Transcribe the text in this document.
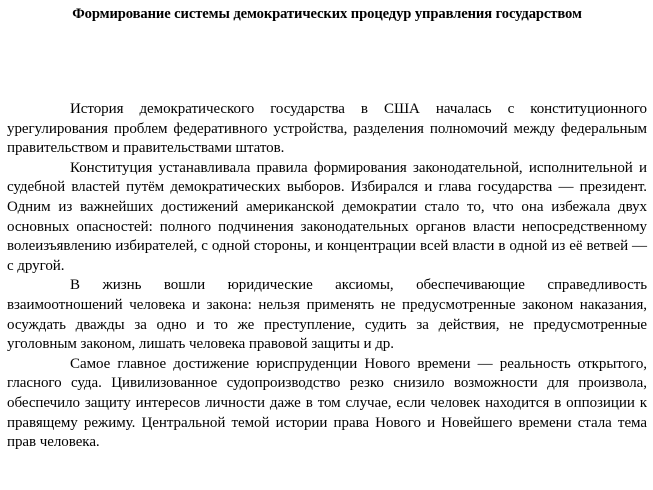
Формирование системы демократических процедур управления государством

История демократического государства в США началась с конституционного урегулирования проблем федеративного устройства, разделения полномочий между федеральным правительством и правительствами штатов.

Конституция устанавливала правила формирования законодательной, исполнительной и судебной властей путём демократических выборов. Избирался и глава государства — президент. Одним из важнейших достижений американской демократии стало то, что она избежала двух основных опасностей: полного подчинения законодательных органов власти непосредственному волеизъявлению избирателей, с одной стороны, и концентрации всей власти в одной из её ветвей — с другой.

В жизнь вошли юридические аксиомы, обеспечивающие справедливость взаимоотношений человека и закона: нельзя применять не предусмотренные законом наказания, осуждать дважды за одно и то же преступление, судить за действия, не предусмотренные уголовным законом, лишать человека правовой защиты и др.

Самое главное достижение юриспруденции Нового времени — реальность открытого, гласного суда. Цивилизованное судопроизводство резко снизило возможности для произвола, обеспечило защиту интересов личности даже в том случае, если человек находится в оппозиции к правящему режиму. Центральной темой истории права Нового и Новейшего времени стала тема прав человека.
